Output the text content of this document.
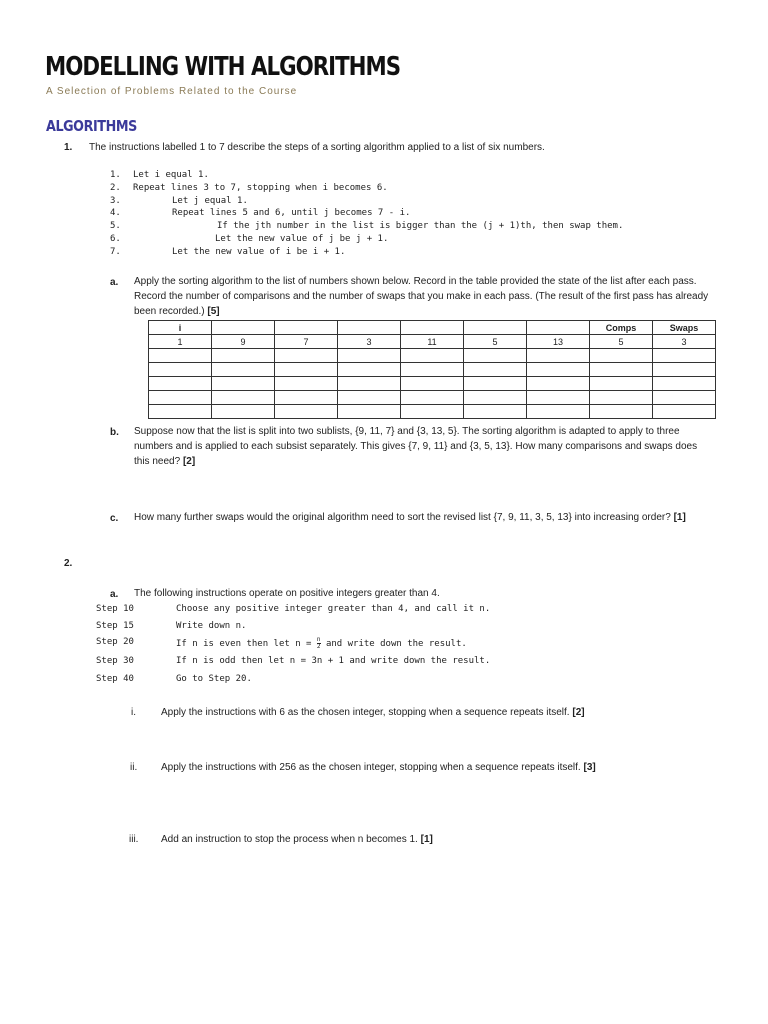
MODELLING WITH ALGORITHMS
A Selection of Problems Related to the Course
ALGORITHMS
1. The instructions labelled 1 to 7 describe the steps of a sorting algorithm applied to a list of six numbers.
1. Let i equal 1.
2. Repeat lines 3 to 7, stopping when i becomes 6.
3.	Let j equal 1.
4.	Repeat lines 5 and 6, until j becomes 7 - i.
5.	If the jth number in the list is bigger than the (j + 1)th, then swap them.
6.	Let the new value of j be j + 1.
7.	Let the new value of i be i + 1.
a. Apply the sorting algorithm to the list of numbers shown below. Record in the table provided the state of the list after each pass. Record the number of comparisons and the number of swaps that you make in each pass. (The result of the first pass has already been recorded.) [5]
i							Comps	Swaps
1	9	7	3	11	5	13	5	3

b. Suppose now that the list is split into two sublists, {9, 11, 7} and {3, 13, 5}. The sorting algorithm is adapted to apply to three numbers and is applied to each subsist separately. This gives {7, 9, 11} and {3, 5, 13}. How many comparisons and swaps does this need? [2]
c. How many further swaps would the original algorithm need to sort the revised list {7, 9, 11, 3, 5, 13} into increasing order? [1]
2.
a. The following instructions operate on positive integers greater than 4.
Step 10	Choose any positive integer greater than 4, and call it n.
Step 15	Write down n.
Step 20	If n is even then let $n = \frac{n}{2}$ and write down the result.
Step 30	If n is odd then let n = 3n + 1 and write down the result.
Step 40	Go to Step 20.
i.	Apply the instructions with 6 as the chosen integer, stopping when a sequence repeats itself. [2]
ii. Apply the instructions with 256 as the chosen integer, stopping when a sequence repeats itself. [3]
iii. Add an instruction to stop the process when n becomes 1. [1]
